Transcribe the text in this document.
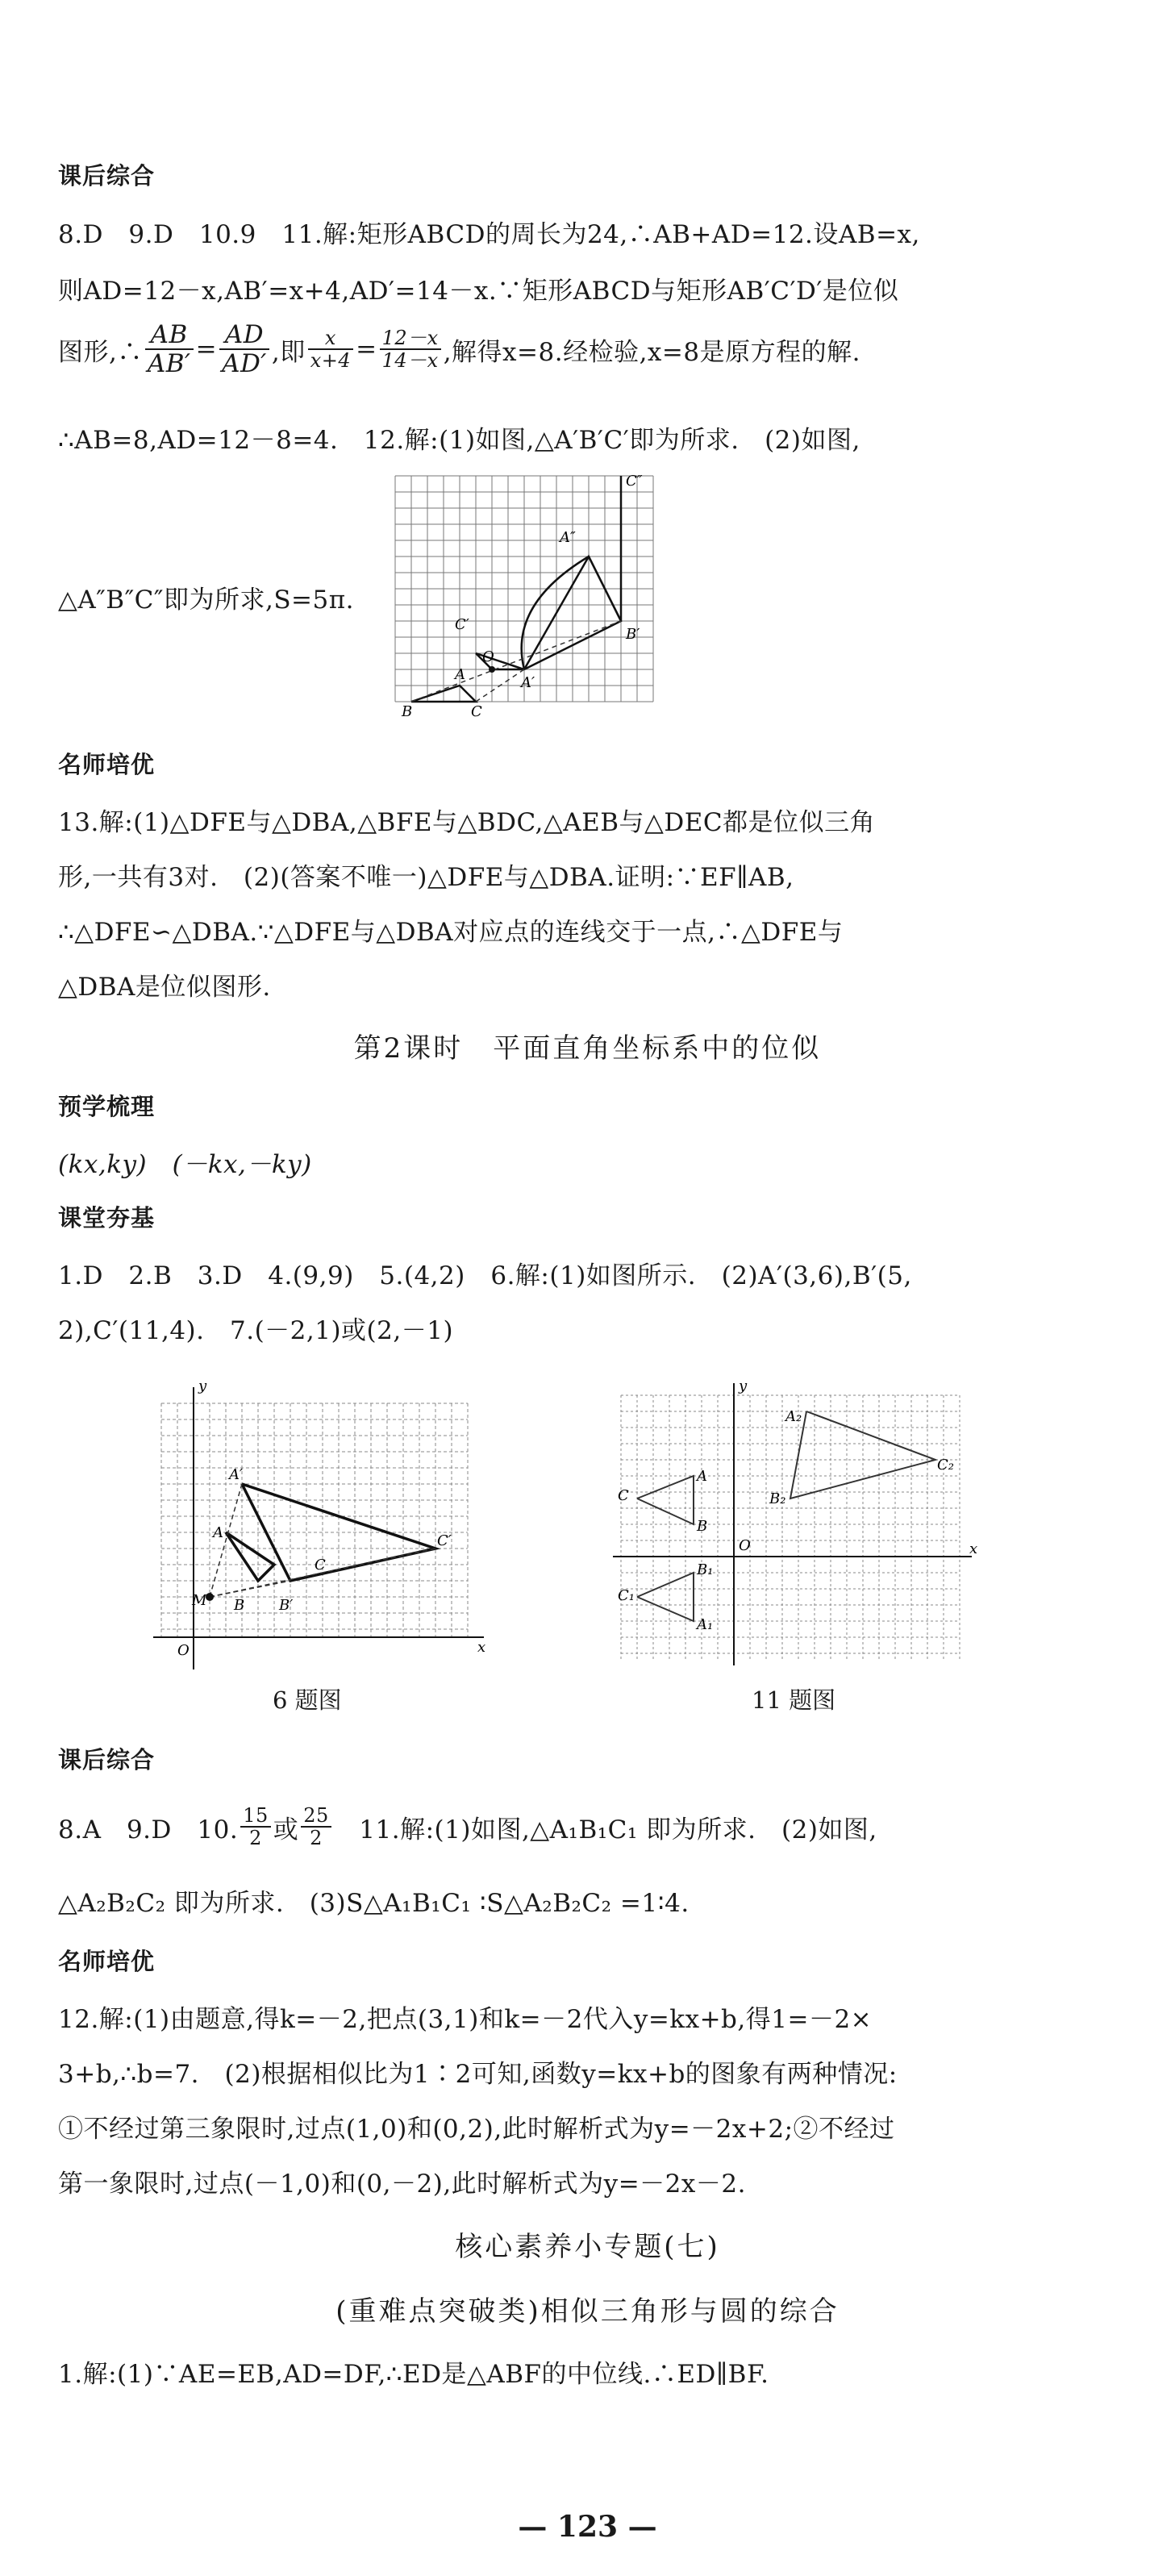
课后综合
8.D　9.D　10.9　11.解:矩形ABCD的周长为24,∴AB+AD=12.设AB=x,
则AD=12－x,AB′=x+4,AD′=14－x.∵矩形ABCD与矩形AB′C′D′是位似
图形,∴ $\frac{AB}{AB'} = \frac{AD}{AD'}$ ,即 $\frac{x}{x+4} = \frac{12-x}{14-x}$ ,解得x=8.经检验,x=8是原方程的解.
∴AB=8,AD=12－8=4.　12.解:(1)如图,△A′B′C′即为所求.　(2)如图,
△A″B″C″即为所求,S=5π.
C″
A″
C′
B′
O
A′
A
B	C
名师培优
13.解:(1)△DFE与△DBA,△BFE与△BDC,△AEB与△DEC都是位似三角
形,一共有3对.　(2)(答案不唯一)△DFE与△DBA.证明:∵EF∥AB,
∴△DFE∽△DBA.∵△DFE与△DBA对应点的连线交于一点,∴△DFE与
△DBA是位似图形.
第2课时　平面直角坐标系中的位似
预学梳理
(kx,ky)　(－kx,－ky)
课堂夯基
1.D　2.B　3.D　4.(9,9)　5.(4,2)　6.解:(1)如图所示.　(2)A′(3,6),B′(5,
2),C′(11,4).　7.(－2,1)或(2,－1)
y
x
O
A′
A
C
C′
M B B′
6 题图
y
x
O
A₂
C₂
B₂
C
A
B
B₁
C₁
A₁
11 题图
课后综合
8.A　9.D　10. $\frac{15}{2}$ 或 $\frac{25}{2}$ 　11.解:(1)如图,△A₁B₁C₁ 即为所求.　(2)如图,
△A₂B₂C₂ 即为所求.　(3)S△A₁B₁C₁ ∶S△A₂B₂C₂ =1∶4.
名师培优
12.解:(1)由题意,得k=－2,把点(3,1)和k=－2代入y=kx+b,得1=－2×
3+b,∴b=7.　(2)根据相似比为1∶2可知,函数y=kx+b的图象有两种情况:
①不经过第三象限时,过点(1,0)和(0,2),此时解析式为y=－2x+2;②不经过
第一象限时,过点(－1,0)和(0,－2),此时解析式为y=－2x－2.
核心素养小专题(七)
(重难点突破类)相似三角形与圆的综合
1.解:(1)∵AE=EB,AD=DF,∴ED是△ABF的中位线.∴ED∥BF.
— 123 —
